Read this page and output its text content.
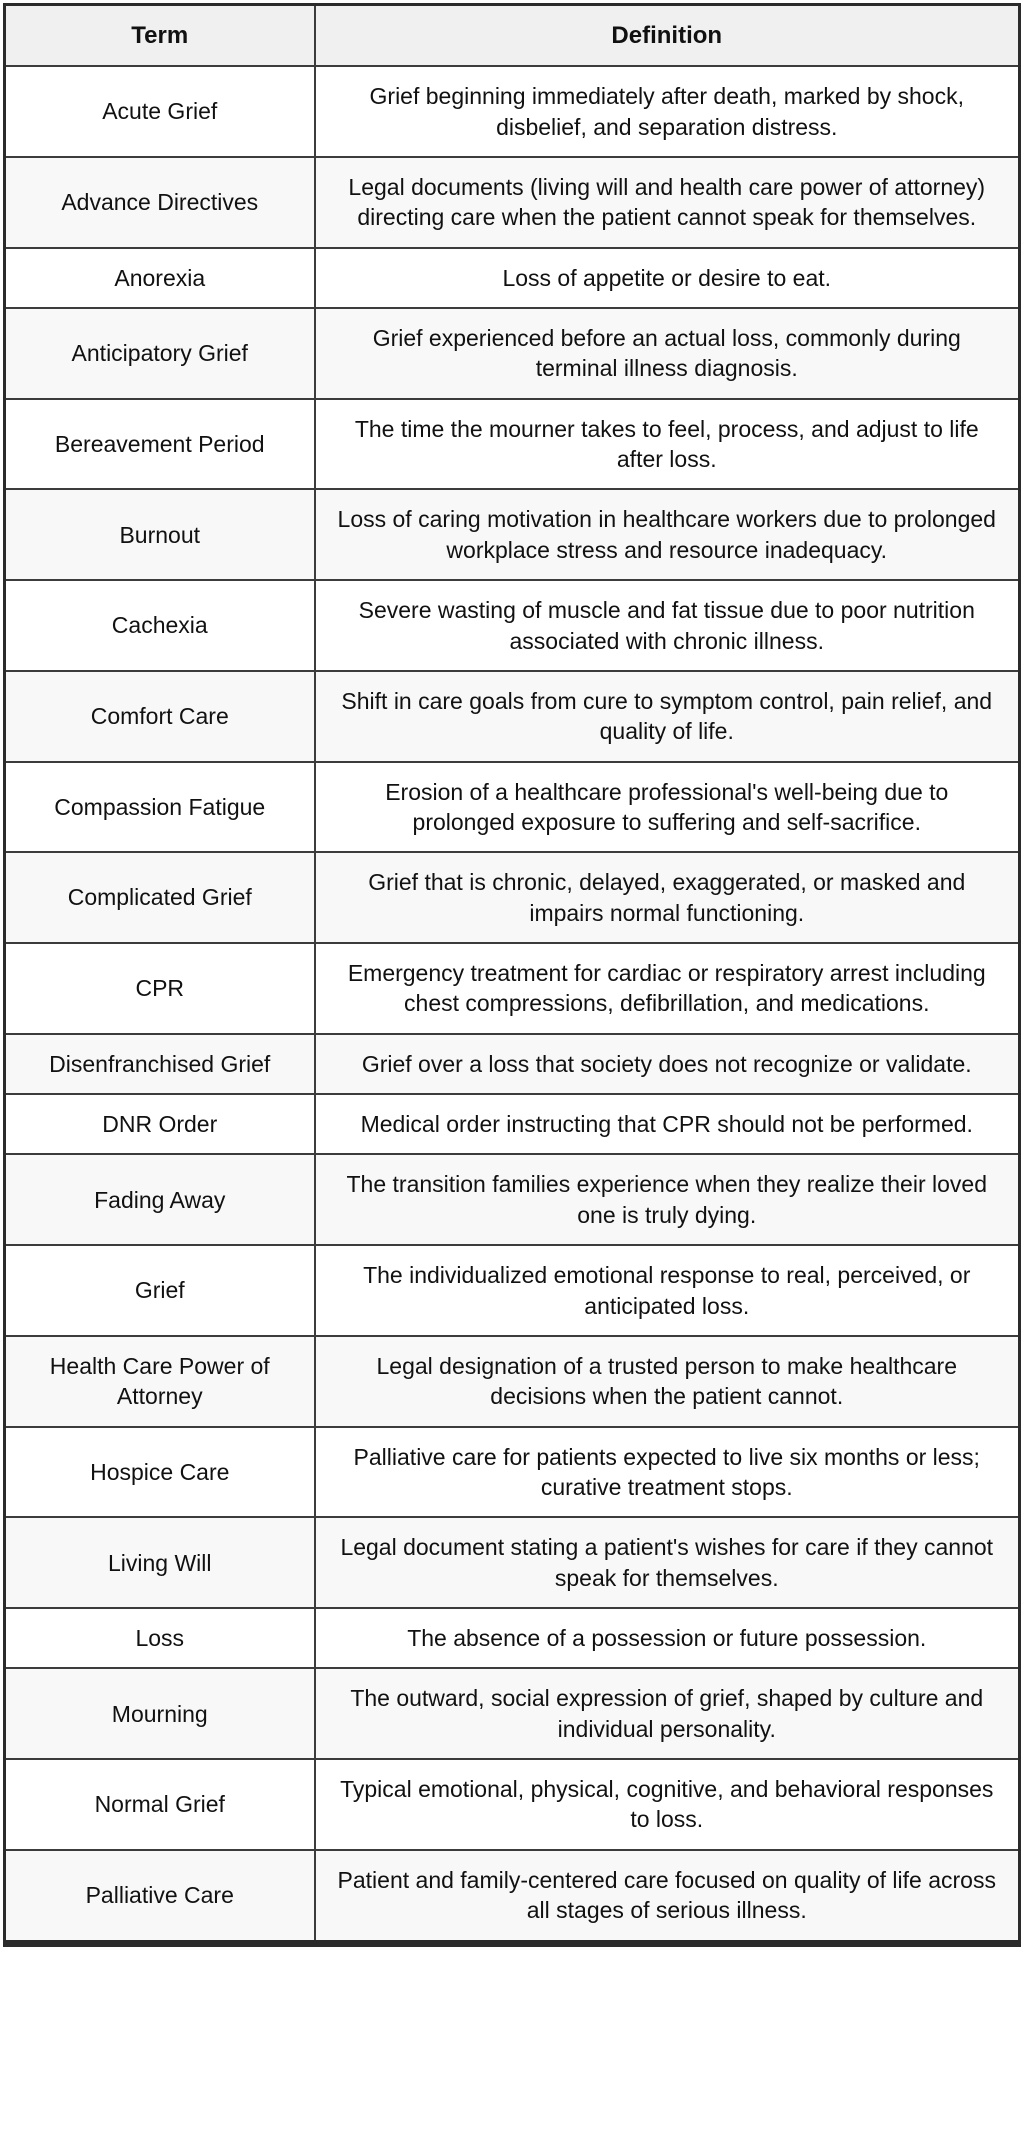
Term	Definition
Acute Grief	Grief beginning immediately after death, marked by shock, disbelief, and separation distress.
Advance Directives	Legal documents (living will and health care power of attorney) directing care when the patient cannot speak for themselves.
Anorexia	Loss of appetite or desire to eat.
Anticipatory Grief	Grief experienced before an actual loss, commonly during terminal illness diagnosis.
Bereavement Period	The time the mourner takes to feel, process, and adjust to life after loss.
Burnout	Loss of caring motivation in healthcare workers due to prolonged workplace stress and resource inadequacy.
Cachexia	Severe wasting of muscle and fat tissue due to poor nutrition associated with chronic illness.
Comfort Care	Shift in care goals from cure to symptom control, pain relief, and quality of life.
Compassion Fatigue	Erosion of a healthcare professional's well-being due to prolonged exposure to suffering and self-sacrifice.
Complicated Grief	Grief that is chronic, delayed, exaggerated, or masked and impairs normal functioning.
CPR	Emergency treatment for cardiac or respiratory arrest including chest compressions, defibrillation, and medications.
Disenfranchised Grief	Grief over a loss that society does not recognize or validate.
DNR Order	Medical order instructing that CPR should not be performed.
Fading Away	The transition families experience when they realize their loved one is truly dying.
Grief	The individualized emotional response to real, perceived, or anticipated loss.
Health Care Power of Attorney	Legal designation of a trusted person to make healthcare decisions when the patient cannot.
Hospice Care	Palliative care for patients expected to live six months or less; curative treatment stops.
Living Will	Legal document stating a patient's wishes for care if they cannot speak for themselves.
Loss	The absence of a possession or future possession.
Mourning	The outward, social expression of grief, shaped by culture and individual personality.
Normal Grief	Typical emotional, physical, cognitive, and behavioral responses to loss.
Palliative Care	Patient and family-centered care focused on quality of life across all stages of serious illness.
